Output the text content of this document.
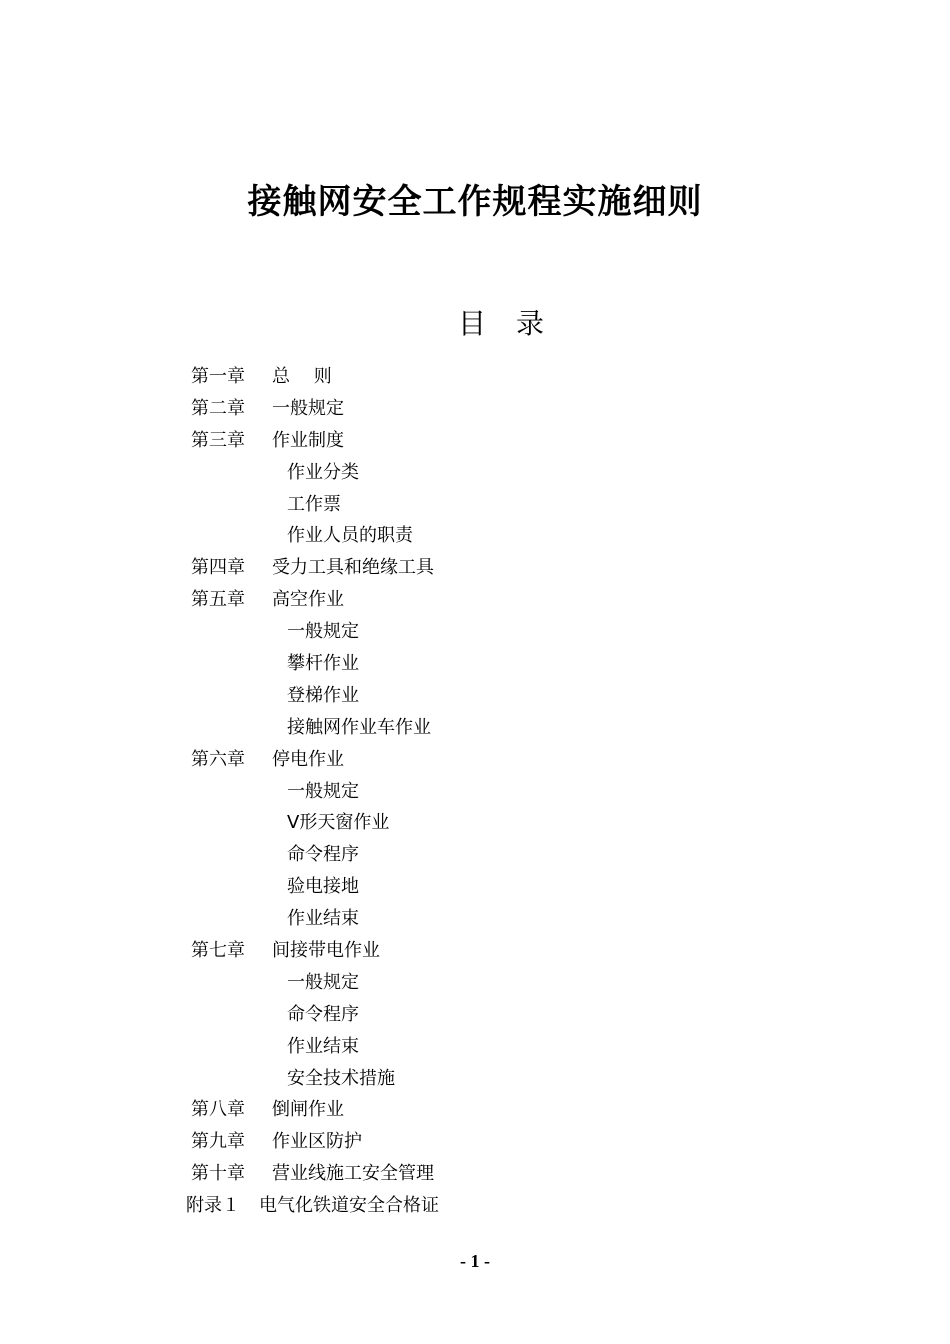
接触网安全工作规程实施细则
目 录
第一章 总　 则
第二章 一般规定
第三章 作业制度
作业分类
工作票
作业人员的职责
第四章 受力工具和绝缘工具
第五章 高空作业
一般规定
攀杆作业
登梯作业
接触网作业车作业
第六章 停电作业
一般规定
V形天窗作业
命令程序
验电接地
作业结束
第七章 间接带电作业
一般规定
命令程序
作业结束
安全技术措施
第八章 倒闸作业
第九章 作业区防护
第十章 营业线施工安全管理
附录１ 电气化铁道安全合格证
- 1 -
